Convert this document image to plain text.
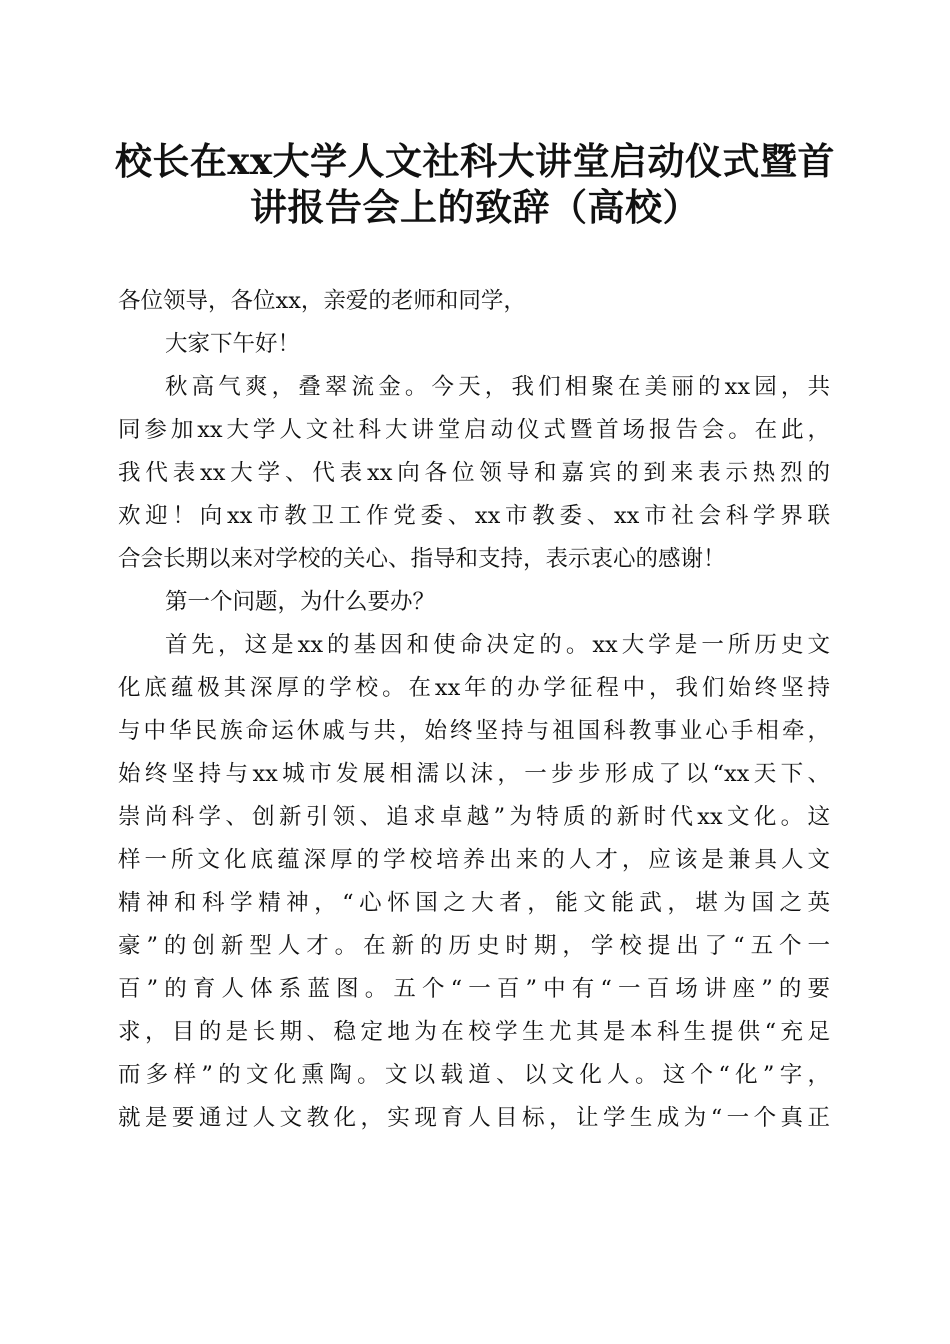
校长在xx大学人文社科大讲堂启动仪式暨首
讲报告会上的致辞（高校）
各位领导，各位xx，亲爱的老师和同学，
大家下午好！
秋高气爽，叠翠流金。今天，我们相聚在美丽的xx园，共
同参加xx大学人文社科大讲堂启动仪式暨首场报告会。在此，
我代表xx大学、代表xx向各位领导和嘉宾的到来表示热烈的
欢迎！向xx市教卫工作党委、xx市教委、xx市社会科学界联
合会长期以来对学校的关心、指导和支持，表示衷心的感谢！
第一个问题，为什么要办？
首先，这是xx的基因和使命决定的。xx大学是一所历史文
化底蕴极其深厚的学校。在xx年的办学征程中，我们始终坚持
与中华民族命运休戚与共，始终坚持与祖国科教事业心手相牵，
始终坚持与xx城市发展相濡以沫，一步步形成了以“xx天下、
崇尚科学、创新引领、追求卓越”为特质的新时代xx文化。这
样一所文化底蕴深厚的学校培养出来的人才，应该是兼具人文
精神和科学精神，“心怀国之大者，能文能武，堪为国之英
豪”的创新型人才。在新的历史时期，学校提出了“五个一
百”的育人体系蓝图。五个“一百”中有“一百场讲座”的要
求，目的是长期、稳定地为在校学生尤其是本科生提供“充足
而多样”的文化熏陶。文以载道、以文化人。这个“化”字，
就是要通过人文教化，实现育人目标，让学生成为“一个真正
